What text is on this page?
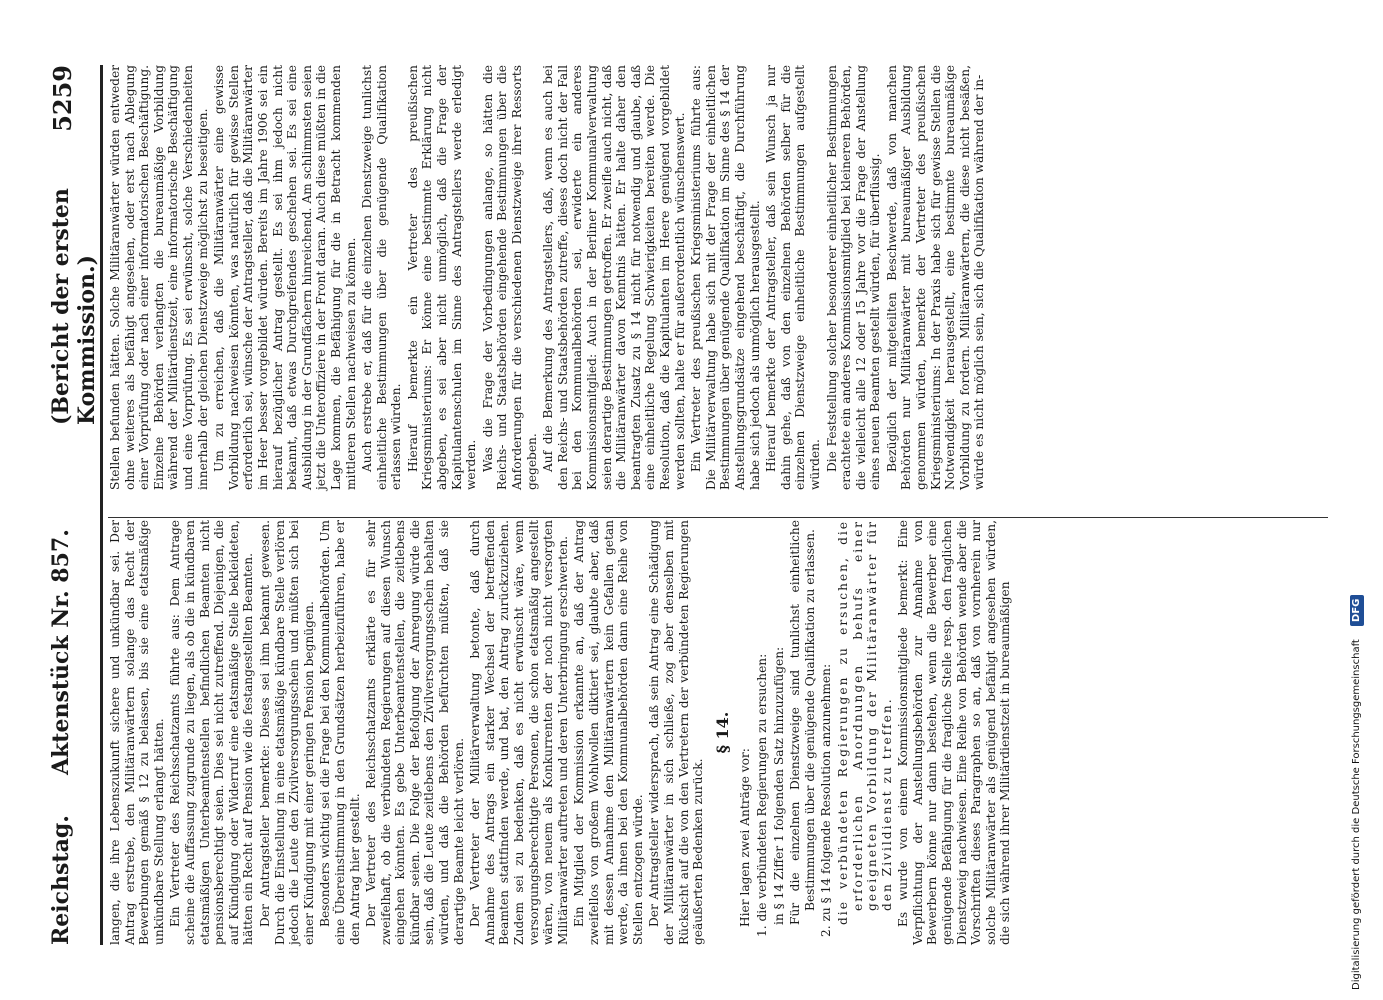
Reichstag.
Aktenstück Nr. 857.
(Bericht der ersten Kommission.)
5259

langen, die ihre Lebenszukunft sichere und unkündbar sei. Der Antrag erstrebe, den Militäranwärtern solange das Recht der Bewerbungen gemäß § 12 zu belassen, bis sie eine etatsmäßige unkündbare Stellung erlangt hätten. Ein Vertreter des Reichsschatzamts führte aus: Dem Antrage scheine die Auffassung zugrunde zu liegen, als ob die in kündbaren etatsmäßigen Unterbeamtenstellen befindlichen Beamten nicht pensionsberechtigt seien. Dies sei nicht zutreffend. Diejenigen, die auf Kündigung oder Widerruf eine etatsmäßige Stelle bekleideten, hätten ein Recht auf Pension wie die festangestellten Beamten. Der Antragsteller bemerkte: Dieses sei ihm bekannt gewesen. Durch die Einstellung in eine etatsmäßige kündbare Stelle verlören jedoch die Leute den Zivilversorgungsschein und müßten sich bei einer Kündigung mit einer geringen Pension begnügen. Besonders wichtig sei die Frage bei den Kommunalbehörden. Um eine Übereinstimmung in den Grundsätzen herbeizuführen, habe er den Antrag hier gestellt. Der Vertreter des Reichsschatzamts erklärte es für sehr zweifelhaft, ob die verbündeten Regierungen auf diesen Wunsch eingehen könnten. Es gebe Unterbeamtenstellen, die zeitlebens kündbar seien. Die Folge der Befolgung der Anregung würde die sein, daß die Leute zeitlebens den Zivilversorgungsschein behalten würden, und daß die Behörden befürchten müßten, daß sie derartige Beamte leicht verlören. Der Vertreter der Militärverwaltung betonte, daß durch Annahme des Antrags ein starker Wechsel der betreffenden Beamten stattfinden werde, und bat, den Antrag zurückzuziehen. Zudem sei zu bedenken, daß es nicht erwünscht wäre, wenn versorgungsberechtigte Personen, die schon etatsmäßig angestellt wären, von neuem als Konkurrenten der noch nicht versorgten Militäranwärter auftreten und deren Unterbringung erschwerten. Ein Mitglied der Kommission erkannte an, daß der Antrag zweifellos von großem Wohlwollen diktiert sei, glaubte aber, daß mit dessen Annahme den Militäranwärtern kein Gefallen getan werde, da ihnen bei den Kommunalbehörden dann eine Reihe von Stellen entzogen würde. Der Antragsteller widersprach, daß sein Antrag eine Schädigung der Militäranwärter in sich schließe, zog aber denselben mit Rücksicht auf die von den Vertretern der verbündeten Regierungen geäußerten Bedenken zurück.

§ 14.

Hier lagen zwei Anträge vor: 1. die verbündeten Regierungen zu ersuchen: in § 14 Ziffer 1 folgenden Satz hinzuzufügen: Für die einzelnen Dienstzweige sind tunlichst einheitliche Bestimmungen über die genügende Qualifikation zu erlassen. 2. zu § 14 folgende Resolution anzunehmen: die verbündeten Regierungen zu ersuchen, die erforderlichen Anordnungen behufs einer geeigneten Vorbildung der Militäranwärter für den Zivildienst zu treffen. Es wurde von einem Kommissionsmitgliede bemerkt: Eine Verpflichtung der Anstellungsbehörden zur Annahme von Bewerbern könne nur dann bestehen, wenn die Bewerber eine genügende Befähigung für die fragliche Stelle resp. den fraglichen Dienstzweig nachwiesen. Eine Reihe von Behörden wende aber die Vorschriften dieses Paragraphen so an, daß von vornherein nur solche Militäranwärter als genügend befähigt angesehen würden, die sich während ihrer Militärdienstzeit in bureaumäßigen

Stellen befunden hätten. Solche Militäranwärter würden entweder ohne weiteres als befähigt angesehen, oder erst nach Ablegung einer Vorprüfung oder nach einer informatorischen Beschäftigung. Einzelne Behörden verlangten die bureaumäßige Vorbildung während der Militärdienstzeit, eine informatorische Beschäftigung und eine Vorprüfung. Es sei erwünscht, solche Verschiedenheiten innerhalb der gleichen Dienstzweige möglichst zu beseitigen. Um zu erreichen, daß die Militäranwärter eine gewisse Vorbildung nachweisen könnten, was natürlich für gewisse Stellen erforderlich sei, wünsche der Antragsteller, daß die Militäranwärter im Heer besser vorgebildet würden. Bereits im Jahre 1906 sei ein hierauf bezüglicher Antrag gestellt. Es sei ihm jedoch nicht bekannt, daß etwas Durchgreifendes geschehen sei. Es sei eine Ausbildung in der Grundfächern hinreichend. Am schlimmsten seien jetzt die Unteroffiziere in der Front daran. Auch diese müßten in die Lage kommen, die Befähigung für die in Betracht kommenden mittleren Stellen nachweisen zu können. Auch erstrebe er, daß für die einzelnen Dienstzweige tunlichst einheitliche Bestimmungen über die genügende Qualifikation erlassen würden. Hierauf bemerkte ein Vertreter des preußischen Kriegsministeriums: Er könne eine bestimmte Erklärung nicht abgeben, es sei aber nicht unmöglich, daß die Frage der Kapitulantenschulen im Sinne des Antragstellers werde erledigt werden. Was die Frage der Vorbedingungen anlange, so hätten die Reichs- und Staatsbehörden eingehende Bestimmungen über die Anforderungen für die verschiedenen Dienstzweige ihrer Ressorts gegeben. Auf die Bemerkung des Antragstellers, daß, wenn es auch bei den Reichs- und Staatsbehörden zutreffe, dieses doch nicht der Fall bei den Kommunalbehörden sei, erwiderte ein anderes Kommissionsmitglied: Auch in der Berliner Kommunalverwaltung seien derartige Bestimmungen getroffen. Er zweifle auch nicht, daß die Militäranwärter davon Kenntnis hätten. Er halte daher den beantragten Zusatz zu § 14 nicht für notwendig und glaube, daß eine einheitliche Regelung Schwierigkeiten bereiten werde. Die Resolution, daß die Kapitulanten im Heere genügend vorgebildet werden sollten, halte er für außerordentlich wünschenswert. Ein Vertreter des preußischen Kriegsministeriums führte aus: Die Militärverwaltung habe sich mit der Frage der einheitlichen Bestimmungen über genügende Qualifikation im Sinne des § 14 der Anstellungsgrundsätze eingehend beschäftigt, die Durchführung habe sich jedoch als unmöglich herausgestellt. Hierauf bemerkte der Antragsteller, daß sein Wunsch ja nur dahin gehe, daß von den einzelnen Behörden selber für die einzelnen Dienstzweige einheitliche Bestimmungen aufgestellt würden. Die Feststellung solcher besonderer einheitlicher Bestimmungen erachtete ein anderes Kommissionsmitglied bei kleineren Behörden, die vielleicht alle 12 oder 15 Jahre vor die Frage der Anstellung eines neuen Beamten gestellt würden, für überflüssig. Bezüglich der mitgeteilten Beschwerde, daß von manchen Behörden nur Militäranwärter mit bureaumäßiger Ausbildung genommen würden, bemerkte der Vertreter des preußischen Kriegsministeriums: In der Praxis habe sich für gewisse Stellen die Notwendigkeit herausgestellt, eine bestimmte bureaumäßige Vorbildung zu fordern. Militäranwärtern, die diese nicht besäßen, würde es nicht möglich sein, sich die Qualifikation während der in-

Digitalisierung gefördert durch die Deutsche Forschungsgemeinschaft DFG
